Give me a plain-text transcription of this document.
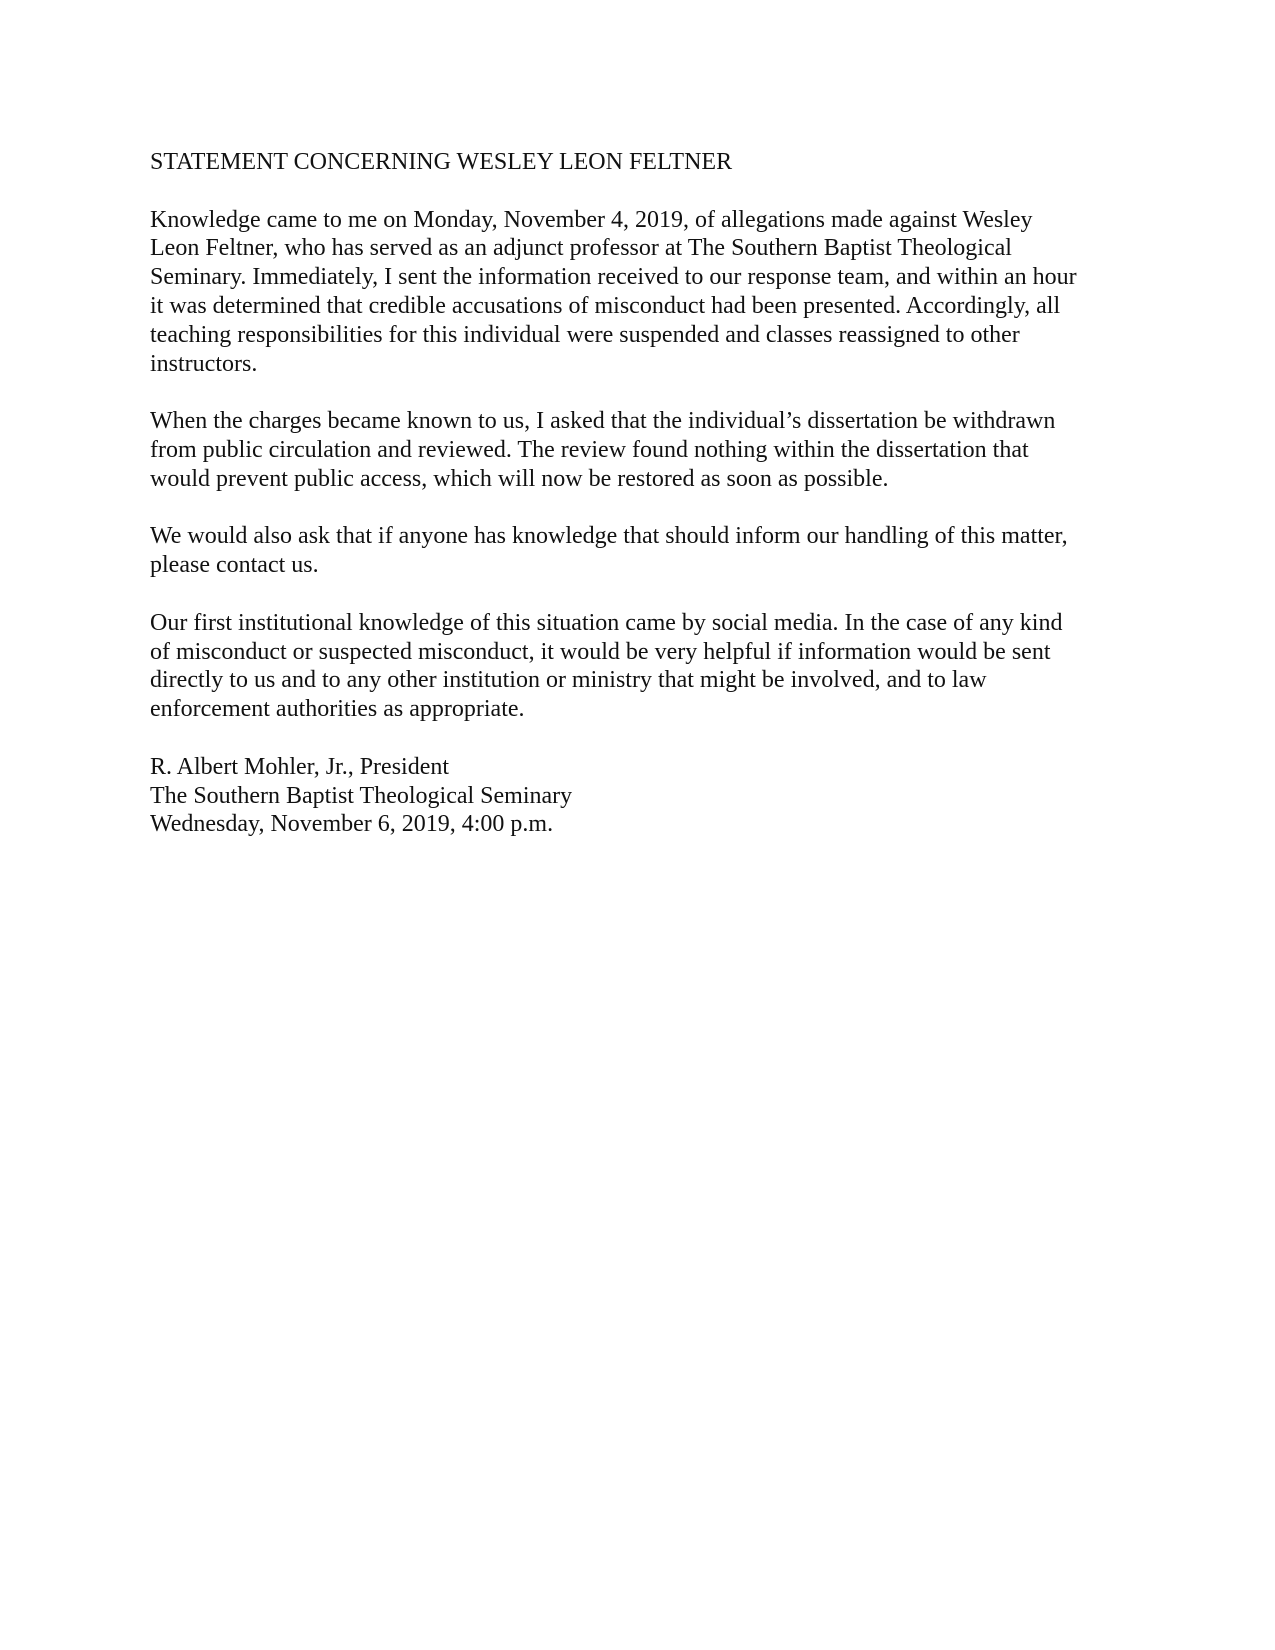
STATEMENT CONCERNING WESLEY LEON FELTNER
Knowledge came to me on Monday, November 4, 2019, of allegations made against Wesley
Leon Feltner, who has served as an adjunct professor at The Southern Baptist Theological
Seminary. Immediately, I sent the information received to our response team, and within an hour
it was determined that credible accusations of misconduct had been presented. Accordingly, all
teaching responsibilities for this individual were suspended and classes reassigned to other
instructors.
When the charges became known to us, I asked that the individual’s dissertation be withdrawn
from public circulation and reviewed. The review found nothing within the dissertation that
would prevent public access, which will now be restored as soon as possible.
We would also ask that if anyone has knowledge that should inform our handling of this matter,
please contact us.
Our first institutional knowledge of this situation came by social media. In the case of any kind
of misconduct or suspected misconduct, it would be very helpful if information would be sent
directly to us and to any other institution or ministry that might be involved, and to law
enforcement authorities as appropriate.
R. Albert Mohler, Jr., President
The Southern Baptist Theological Seminary
Wednesday, November 6, 2019, 4:00 p.m.
